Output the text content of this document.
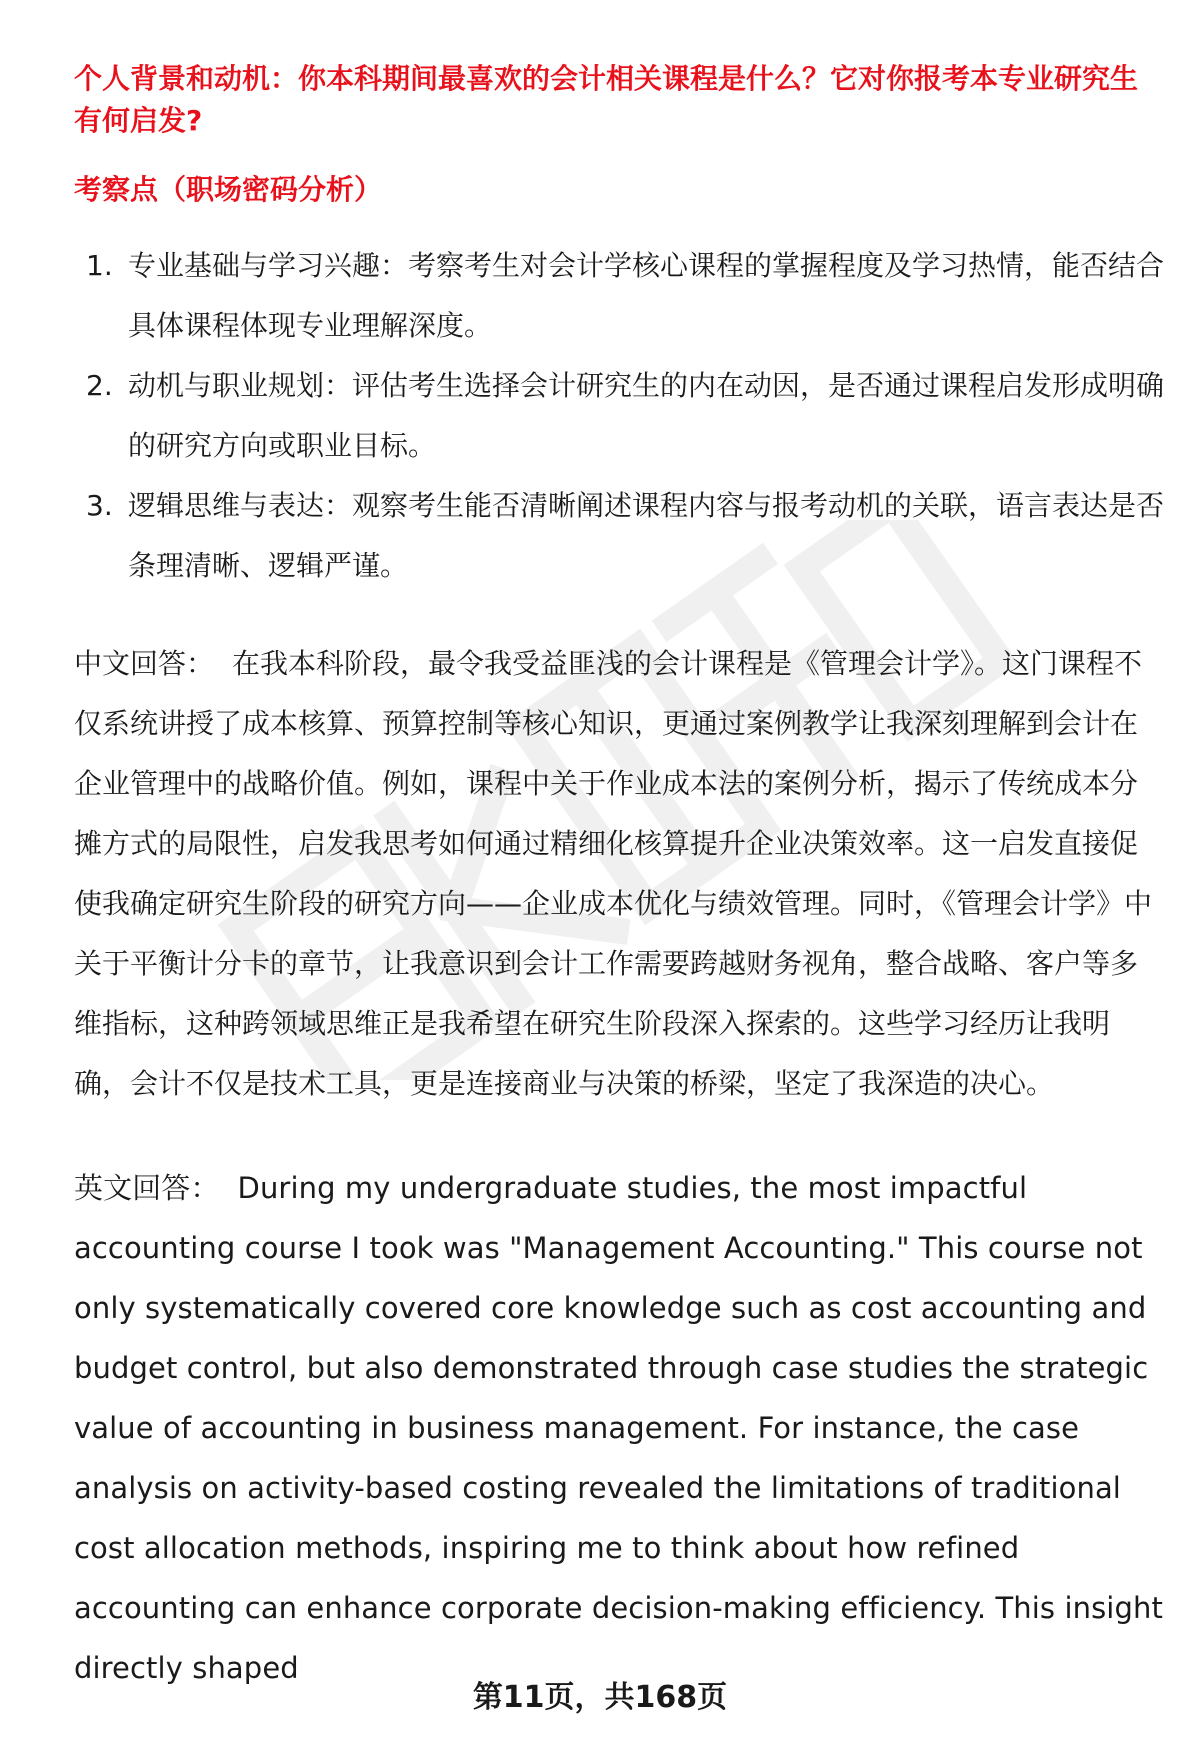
个人背景和动机：你本科期间最喜欢的会计相关课程是什么？它对你报考本专业研究生有何启发?

考察点（职场密码分析）

1. 专业基础与学习兴趣：考察考生对会计学核心课程的掌握程度及学习热情，能否结合具体课程体现专业理解深度。
2. 动机与职业规划：评估考生选择会计研究生的内在动因，是否通过课程启发形成明确的研究方向或职业目标。
3. 逻辑思维与表达：观察考生能否清晰阐述课程内容与报考动机的关联，语言表达是否条理清晰、逻辑严谨。

中文回答： 在我本科阶段，最令我受益匪浅的会计课程是《管理会计学》。这门课程不仅系统讲授了成本核算、预算控制等核心知识，更通过案例教学让我深刻理解到会计在企业管理中的战略价值。例如，课程中关于作业成本法的案例分析，揭示了传统成本分摊方式的局限性，启发我思考如何通过精细化核算提升企业决策效率。这一启发直接促使我确定研究生阶段的研究方向——企业成本优化与绩效管理。同时，《管理会计学》中关于平衡计分卡的章节，让我意识到会计工作需要跨越财务视角，整合战略、客户等多维指标，这种跨领域思维正是我希望在研究生阶段深入探索的。这些学习经历让我明确，会计不仅是技术工具，更是连接商业与决策的桥梁，坚定了我深造的决心。

英文回答： During my undergraduate studies, the most impactful accounting course I took was "Management Accounting." This course not only systematically covered core knowledge such as cost accounting and budget control, but also demonstrated through case studies the strategic value of accounting in business management. For instance, the case analysis on activity-based costing revealed the limitations of traditional cost allocation methods, inspiring me to think about how refined accounting can enhance corporate decision-making efficiency. This insight directly shaped

第11页，共168页
